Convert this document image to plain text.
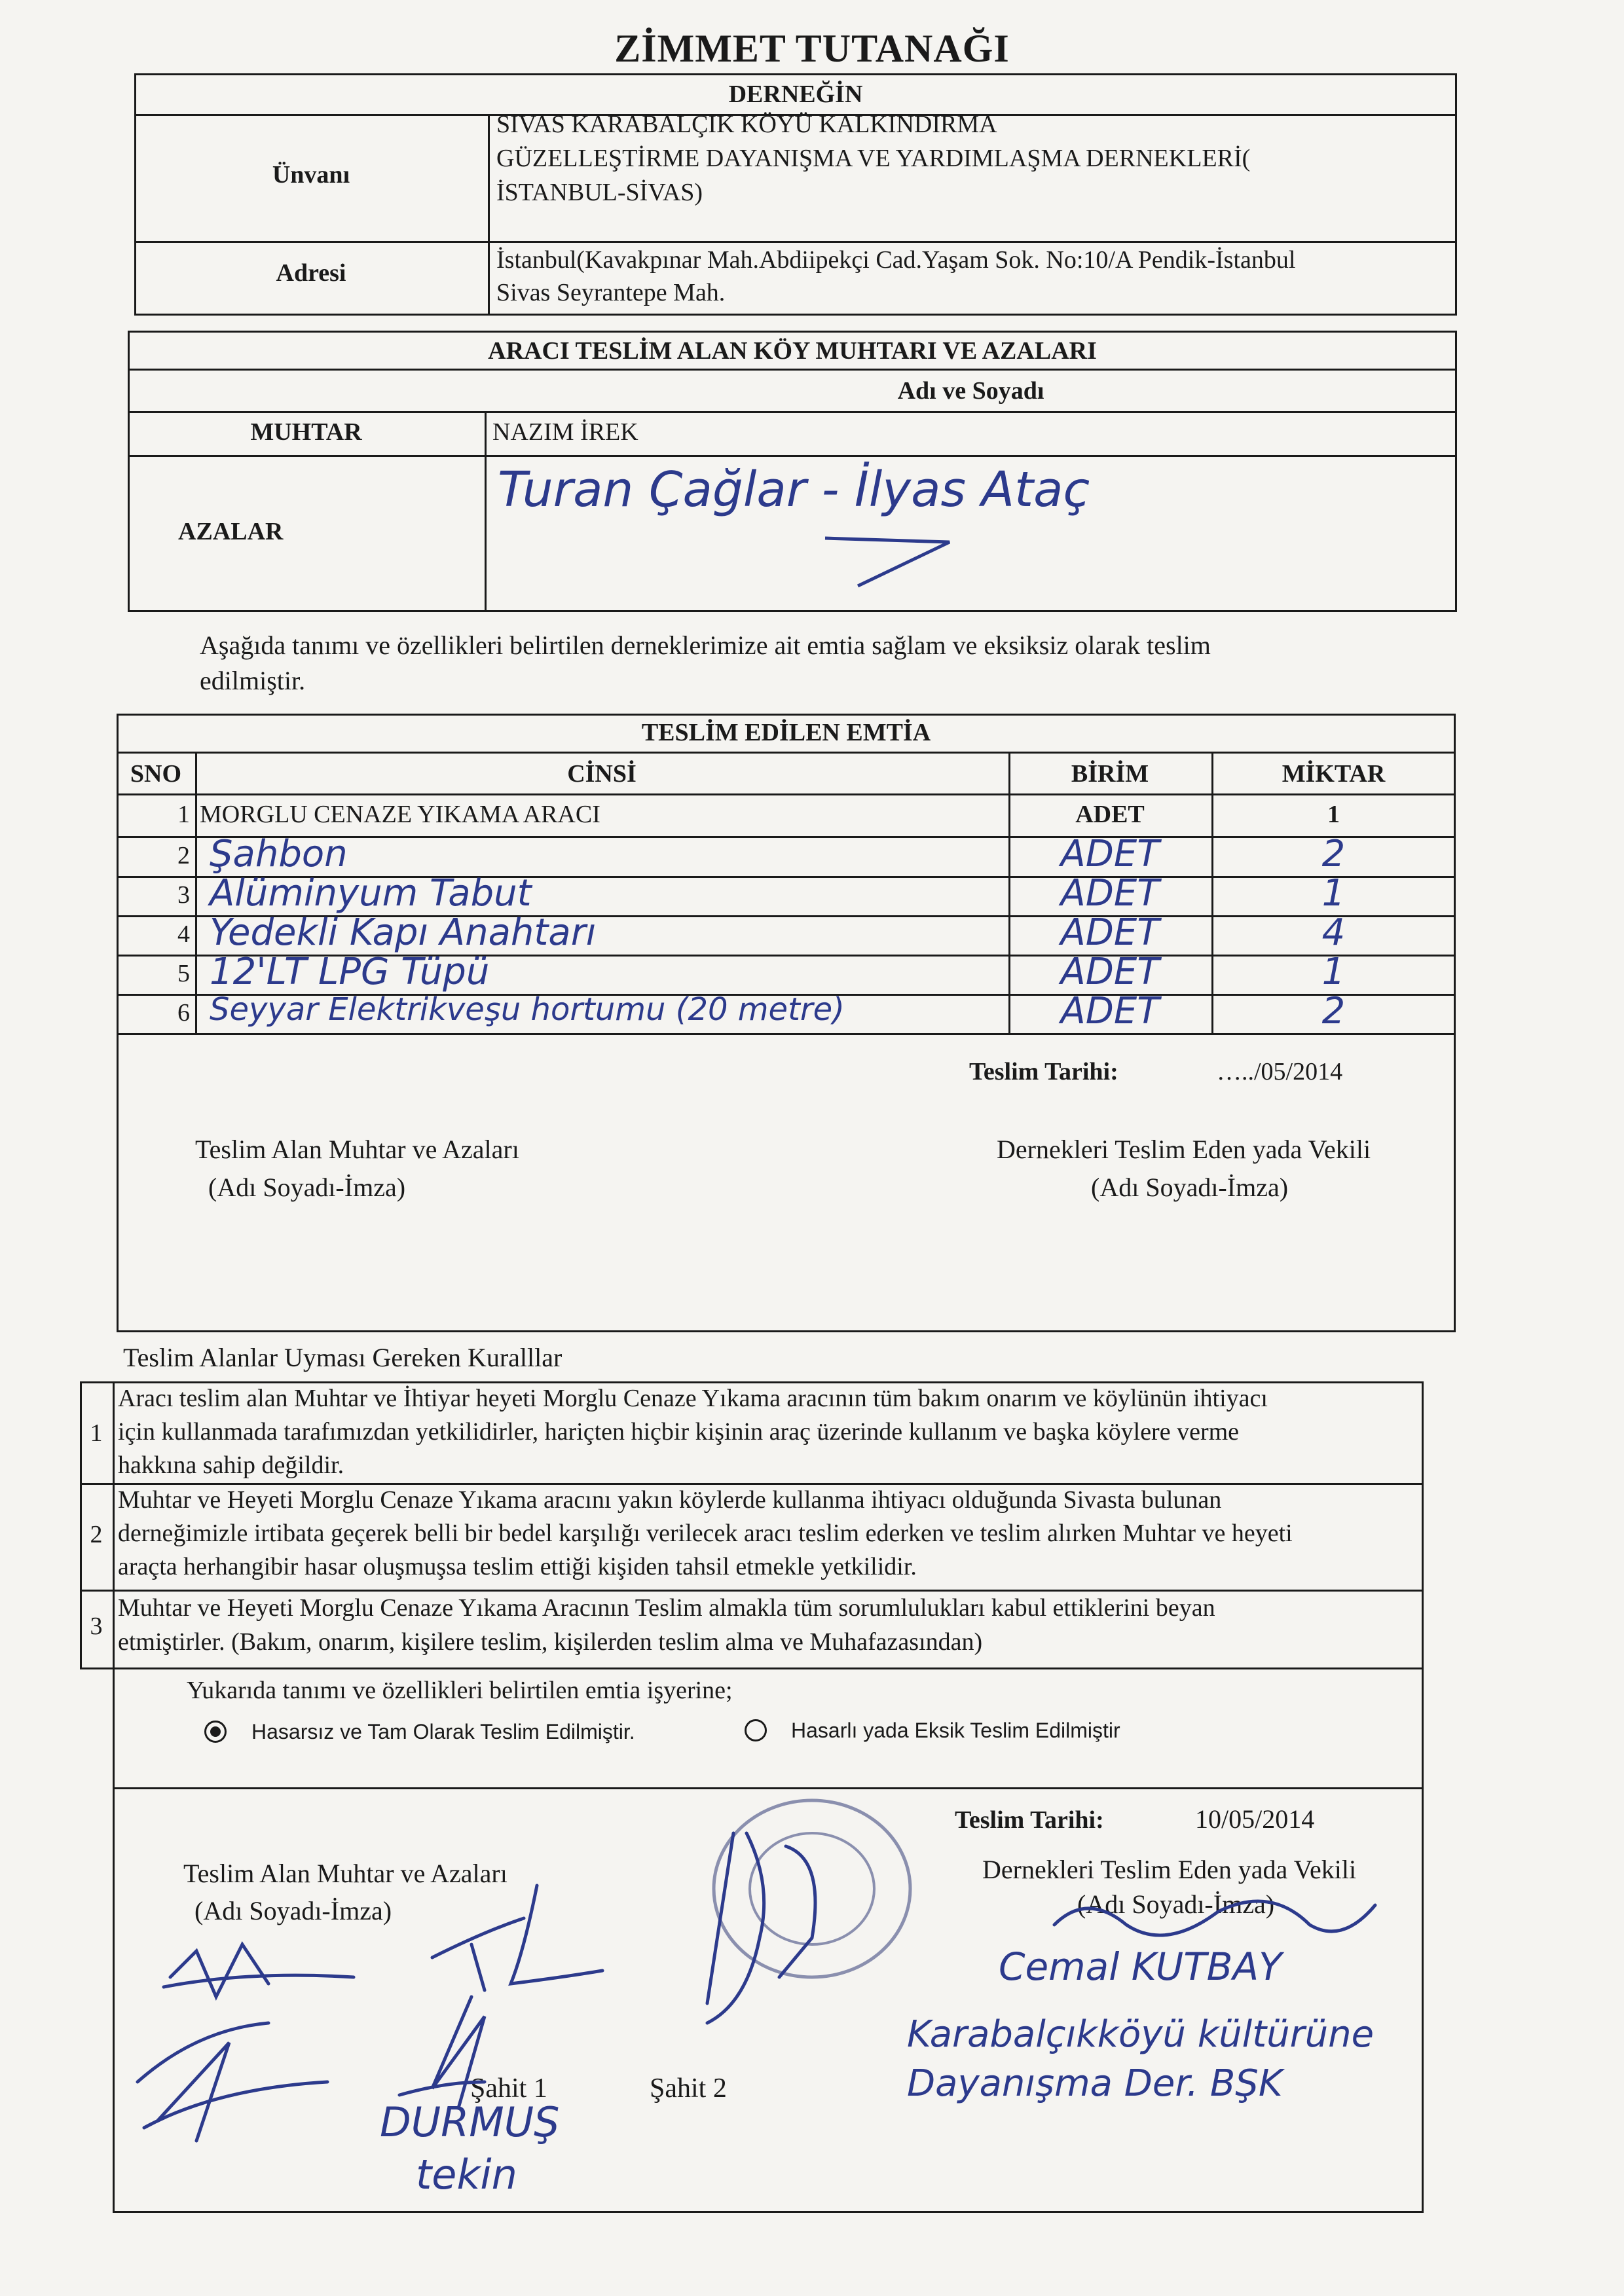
ZİMMET TUTANAĞI
DERNEĞİN
Ünvanı
SIVAS KARABALÇIK KÖYÜ KALKINDIRMA
GÜZELLEŞTİRME DAYANIŞMA VE YARDIMLAŞMA DERNEKLERİ(
İSTANBUL-SİVAS)
Adresi	İstanbul(Kavakpınar Mah.Abdiipekçi Cad.Yaşam Sok. No:10/A Pendik-İstanbul
Sivas Seyrantepe Mah.
ARACI TESLİM ALAN KÖY MUHTARI VE AZALARI
Adı ve Soyadı
MUHTAR	NAZIM İREK
AZALAR
Turan Çağlar - İlyas Ataç
Aşağıda tanımı ve özellikleri belirtilen derneklerimize ait emtia sağlam ve eksiksiz olarak teslim
edilmiştir.
TESLİM EDİLEN EMTİA
SNO	CİNSİ	BİRİM	MİKTAR
1 MORGLU CENAZE YIKAMA ARACI	ADET	1
2 Şahbon	ADET	2
3 Alüminyum Tabut	ADET	1
4 Yedekli Kapı Anahtarı	ADET	4
5 12'LT LPG Tüpü	ADET	1
6 Seyyar Elektrikveşu hortumu (20 metre)	ADET	2
Teslim Tarihi:	…../05/2014
Teslim Alan Muhtar ve Azaları
(Adı Soyadı-İmza)
Dernekleri Teslim Eden yada Vekili
(Adı Soyadı-İmza)
Teslim Alanlar Uyması Gereken Kuralllar
1
Aracı teslim alan Muhtar ve İhtiyar heyeti Morglu Cenaze Yıkama aracının tüm bakım onarım ve köylünün ihtiyacı
için kullanmada tarafımızdan yetkilidirler, hariçten hiçbir kişinin araç üzerinde kullanım ve başka köylere verme
hakkına sahip değildir.
2
Muhtar ve Heyeti Morglu Cenaze Yıkama aracını yakın köylerde kullanma ihtiyacı olduğunda Sivasta bulunan
derneğimizle irtibata geçerek belli bir bedel karşılığı verilecek aracı teslim ederken ve teslim alırken Muhtar ve heyeti
araçta herhangibir hasar oluşmuşsa teslim ettiği kişiden tahsil etmekle yetkilidir.
3
Muhtar ve Heyeti Morglu Cenaze Yıkama Aracının Teslim almakla tüm sorumlulukları kabul ettiklerini beyan
etmiştirler. (Bakım, onarım, kişilere teslim, kişilerden teslim alma ve Muhafazasından)
Yukarıda tanımı ve özellikleri belirtilen emtia işyerine;
Hasarsız ve Tam Olarak Teslim Edilmiştir.	Hasarlı yada Eksik Teslim Edilmiştir
Teslim Tarihi:	10/05/2014
Teslim Alan Muhtar ve Azaları
(Adı Soyadı-İmza)
Dernekleri Teslim Eden yada Vekili
(Adı Soyadı-İmza)
Şahit 1	Şahit 2
DURMUŞ
tekin
Cemal KUTBAY
Karabalçıkköyü kültürüne
Dayanışma Der. BŞK
